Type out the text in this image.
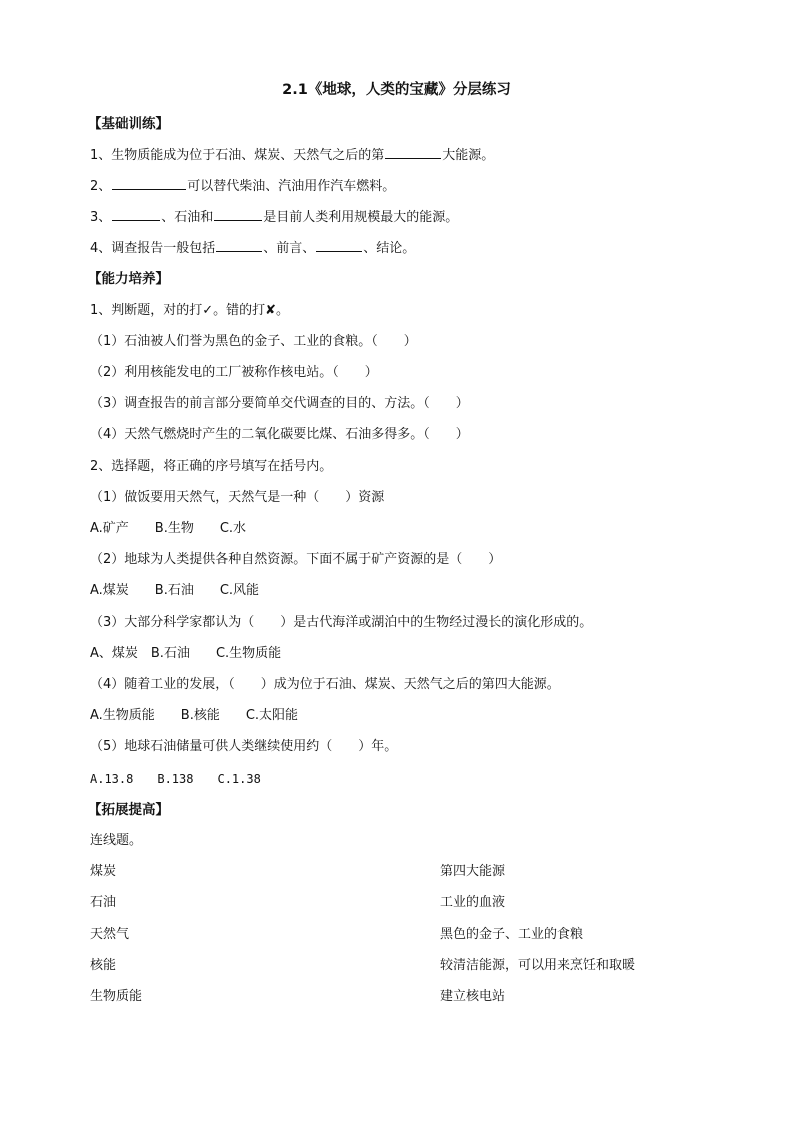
2.1《地球，人类的宝藏》分层练习
【基础训练】
1、生物质能成为位于石油、煤炭、天然气之后的第	大能源。
2、	可以替代柴油、汽油用作汽车燃料。
3、	、石油和	是目前人类利用规模最大的能源。
4、调查报告一般包括	、前言、	、结论。
【能力培养】
1、判断题，对的打✓。错的打✘。
（1）石油被人们誉为黑色的金子、工业的食粮。（　　）
（2）利用核能发电的工厂被称作核电站。（　　）
（3）调查报告的前言部分要简单交代调查的目的、方法。（　　）
（4）天然气燃烧时产生的二氧化碳要比煤、石油多得多。（　　）
2、选择题，将正确的序号填写在括号内。
（1）做饭要用天然气，天然气是一种（　　）资源
A.矿产　　B.生物　　C.水
（2）地球为人类提供各种自然资源。下面不属于矿产资源的是（　　）
A.煤炭　　B.石油　　C.风能
（3）大部分科学家都认为（　　）是古代海洋或湖泊中的生物经过漫长的演化形成的。
A、煤炭　B.石油　　C.生物质能
（4）随着工业的发展，（　　）成为位于石油、煤炭、天然气之后的第四大能源。
A.生物质能　　B.核能　　C.太阳能
（5）地球石油储量可供人类继续使用约（　　）年。
A.13.8　　B.138　　C.1.38
【拓展提高】
连线题。
煤炭	第四大能源
石油	工业的血液
天然气	黑色的金子、工业的食粮
核能	较清洁能源，可以用来烹饪和取暖
生物质能	建立核电站
